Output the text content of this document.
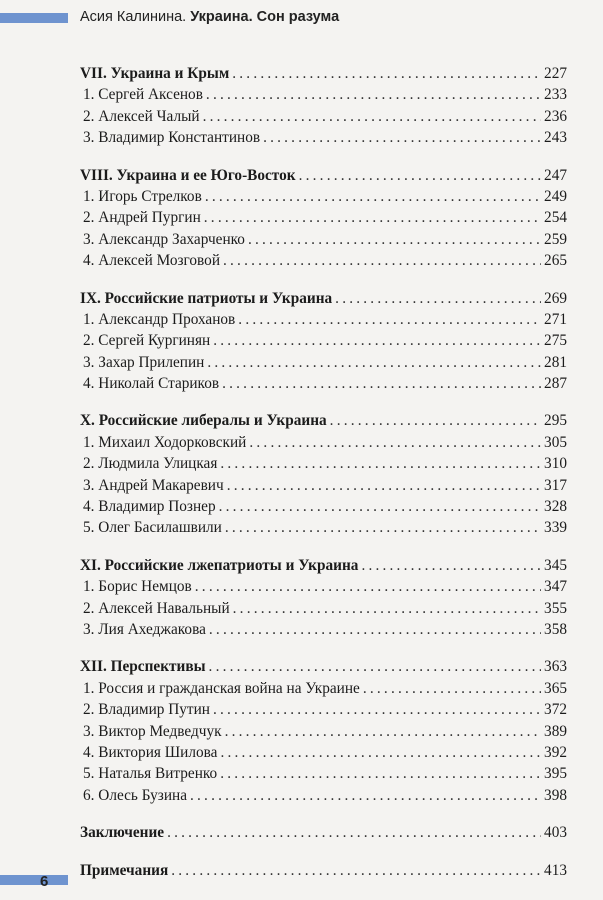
Асия Калинина. Украина. Сон разума
VII. Украина и Крым .....	227
1. Сергей Аксенов .....	233
2. Алексей Чалый .....	236
3. Владимир Константинов .....	243
VIII. Украина и ее Юго-Восток .....	247
1. Игорь Стрелков .....	249
2. Андрей Пургин .....	254
3. Александр Захарченко .....	259
4. Алексей Мозговой .....	265
IX. Российские патриоты и Украина .....	269
1. Александр Проханов .....	271
2. Сергей Кургинян .....	275
3. Захар Прилепин .....	281
4. Николай Стариков .....	287
X. Российские либералы и Украина .....	295
1. Михаил Ходорковский .....	305
2. Людмила Улицкая .....	310
3. Андрей Макаревич .....	317
4. Владимир Познер .....	328
5. Олег Басилашвили .....	339
XI. Российские лжепатриоты и Украина .....	345
1. Борис Немцов .....	347
2. Алексей Навальный .....	355
3. Лия Ахеджакова .....	358
XII. Перспективы .....	363
1. Россия и гражданская война на Украине .....	365
2. Владимир Путин .....	372
3. Виктор Медведчук .....	389
4. Виктория Шилова .....	392
5. Наталья Витренко .....	395
6. Олесь Бузина .....	398
Заключение .....	403
Примечания .....	413
6
